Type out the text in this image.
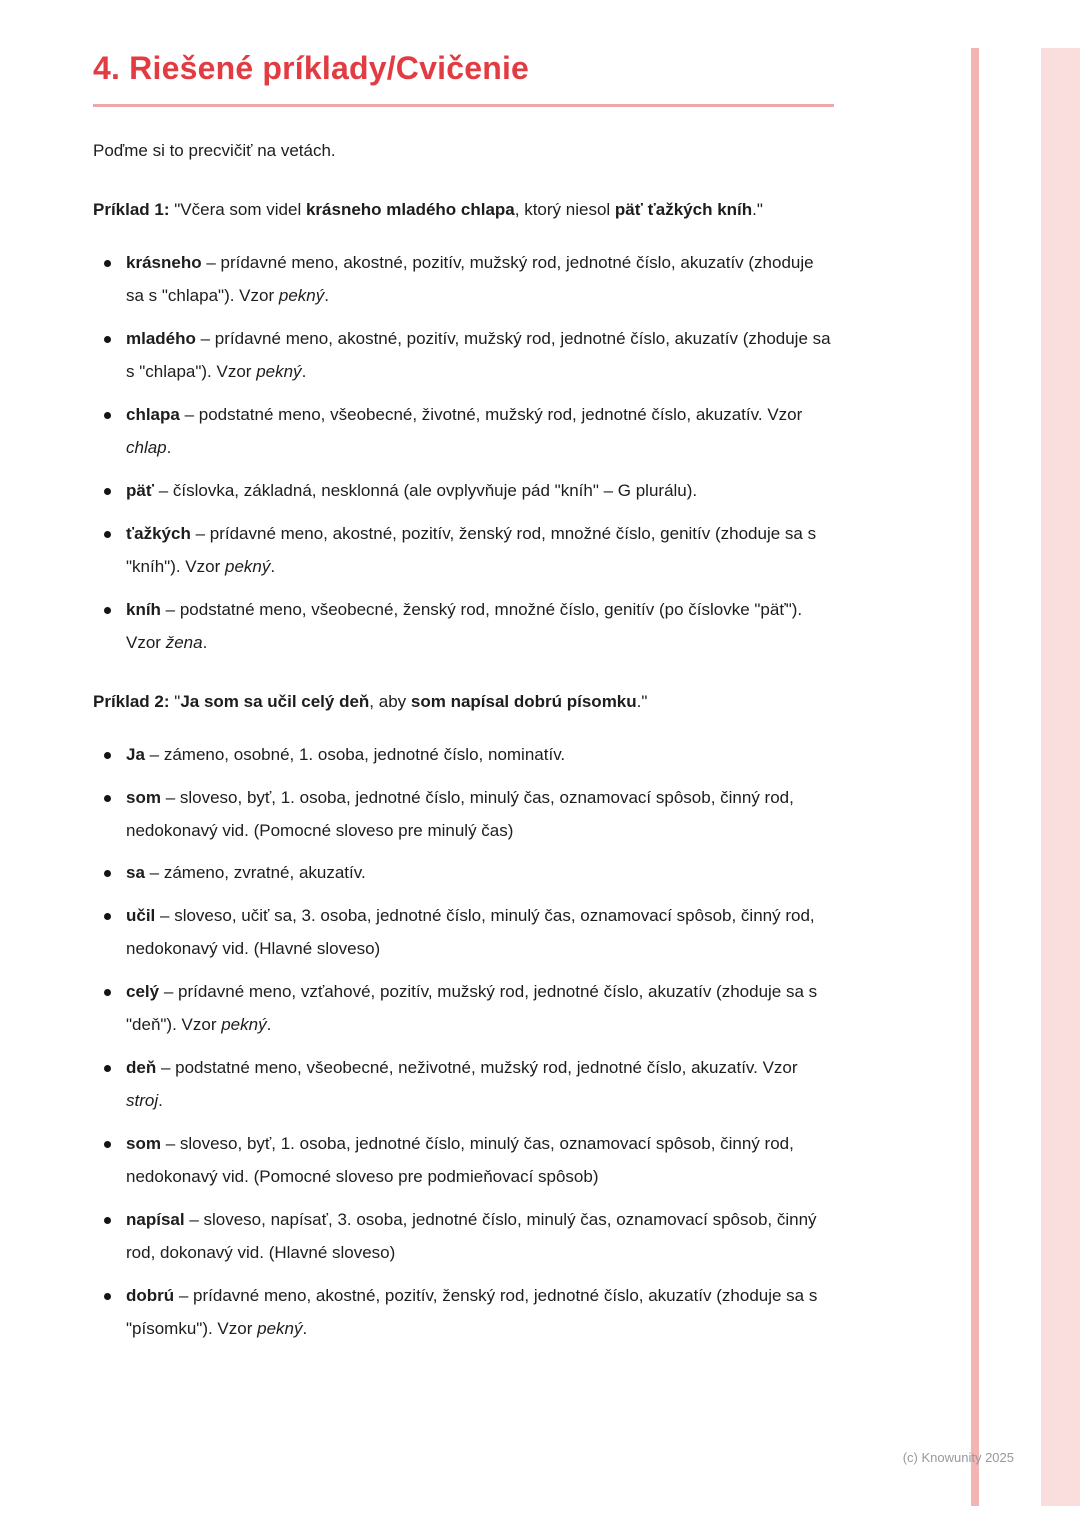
4. Riešené príklady/Cvičenie

Poďme si to precvičiť na vetách.

Príklad 1: "Včera som videl krásneho mladého chlapa, ktorý niesol päť ťažkých kníh."

krásneho – prídavné meno, akostné, pozitív, mužský rod, jednotné číslo, akuzatív (zhoduje sa s "chlapa"). Vzor pekný.
mladého – prídavné meno, akostné, pozitív, mužský rod, jednotné číslo, akuzatív (zhoduje sa s "chlapa"). Vzor pekný.
chlapa – podstatné meno, všeobecné, životné, mužský rod, jednotné číslo, akuzatív. Vzor chlap.
päť – číslovka, základná, nesklonná (ale ovplyvňuje pád "kníh" – G plurálu).
ťažkých – prídavné meno, akostné, pozitív, ženský rod, množné číslo, genitív (zhoduje sa s "kníh"). Vzor pekný.
kníh – podstatné meno, všeobecné, ženský rod, množné číslo, genitív (po číslovke "päť"). Vzor žena.

Príklad 2: "Ja som sa učil celý deň, aby som napísal dobrú písomku."

Ja – zámeno, osobné, 1. osoba, jednotné číslo, nominatív.
som – sloveso, byť, 1. osoba, jednotné číslo, minulý čas, oznamovací spôsob, činný rod, nedokonavý vid. (Pomocné sloveso pre minulý čas)
sa – zámeno, zvratné, akuzatív.
učil – sloveso, učiť sa, 3. osoba, jednotné číslo, minulý čas, oznamovací spôsob, činný rod, nedokonavý vid. (Hlavné sloveso)
celý – prídavné meno, vzťahové, pozitív, mužský rod, jednotné číslo, akuzatív (zhoduje sa s "deň"). Vzor pekný.
deň – podstatné meno, všeobecné, neživotné, mužský rod, jednotné číslo, akuzatív. Vzor stroj.
som – sloveso, byť, 1. osoba, jednotné číslo, minulý čas, oznamovací spôsob, činný rod, nedokonavý vid. (Pomocné sloveso pre podmieňovací spôsob)
napísal – sloveso, napísať, 3. osoba, jednotné číslo, minulý čas, oznamovací spôsob, činný rod, dokonavý vid. (Hlavné sloveso)
dobrú – prídavné meno, akostné, pozitív, ženský rod, jednotné číslo, akuzatív (zhoduje sa s "písomku"). Vzor pekný.
(c) Knowunity 2025
